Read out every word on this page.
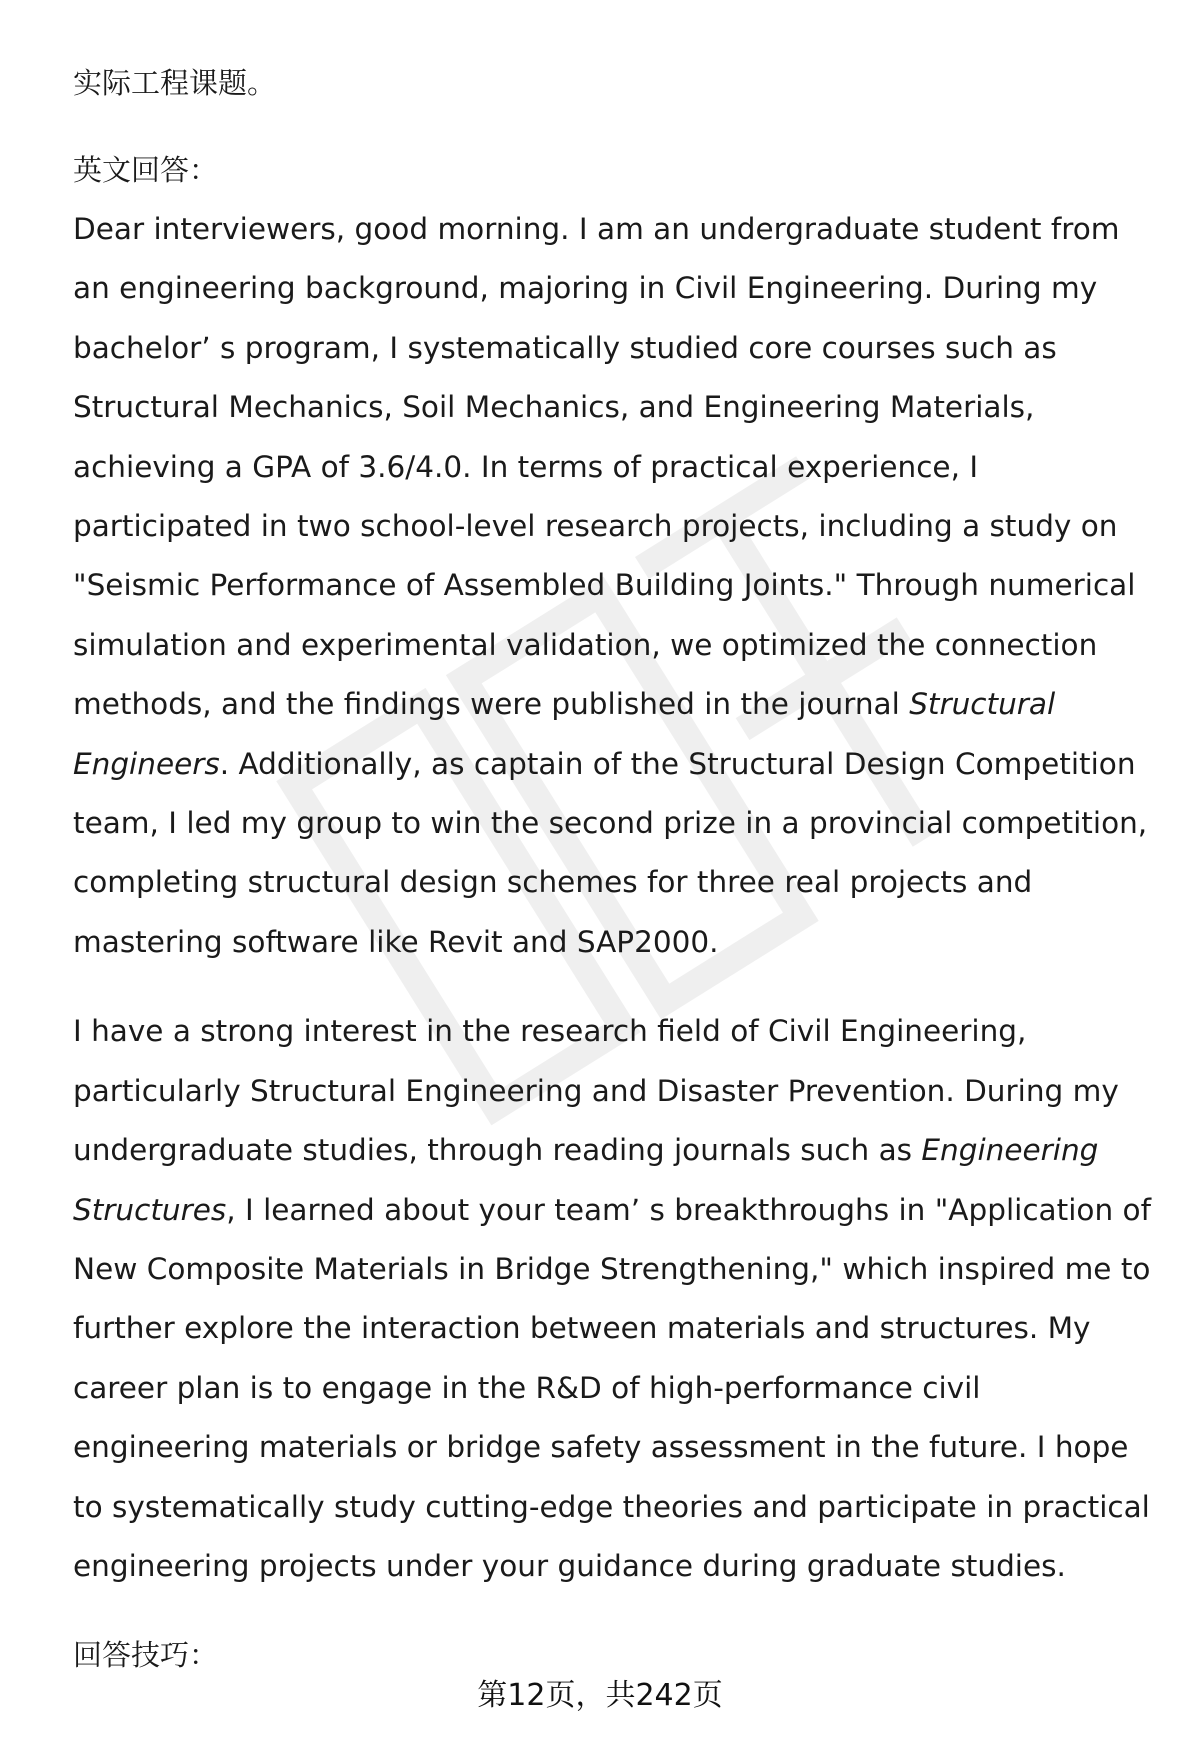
实际工程课题。

英文回答：

Dear interviewers, good morning. I am an undergraduate student from an engineering background, majoring in Civil Engineering. During my bachelor’ s program, I systematically studied core courses such as Structural Mechanics, Soil Mechanics, and Engineering Materials, achieving a GPA of 3.6/4.0. In terms of practical experience, I participated in two school-level research projects, including a study on "Seismic Performance of Assembled Building Joints." Through numerical simulation and experimental validation, we optimized the connection methods, and the findings were published in the journal Structural Engineers. Additionally, as captain of the Structural Design Competition team, I led my group to win the second prize in a provincial competition, completing structural design schemes for three real projects and mastering software like Revit and SAP2000.

I have a strong interest in the research field of Civil Engineering, particularly Structural Engineering and Disaster Prevention. During my undergraduate studies, through reading journals such as Engineering Structures, I learned about your team’ s breakthroughs in "Application of New Composite Materials in Bridge Strengthening," which inspired me to further explore the interaction between materials and structures. My career plan is to engage in the R&D of high-performance civil engineering materials or bridge safety assessment in the future. I hope to systematically study cutting-edge theories and participate in practical engineering projects under your guidance during graduate studies.

回答技巧：

第12页，共242页
